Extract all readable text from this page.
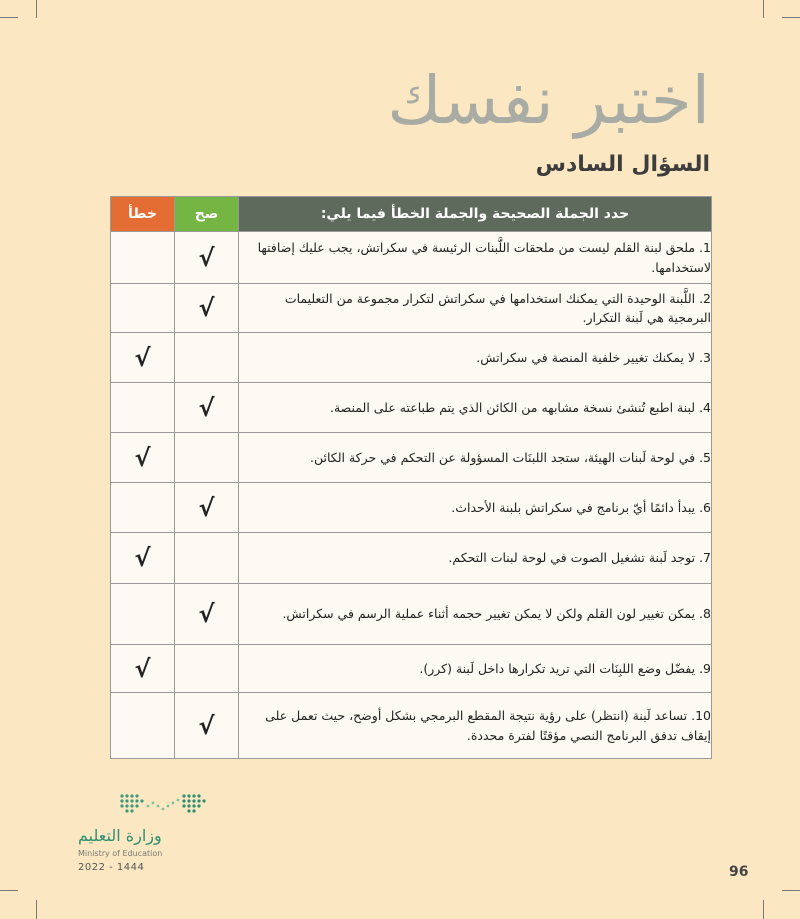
اختبر نفسك
السؤال السادس
حدد الجملة الصحيحة والجملة الخطأ فيما يلي:	صح	خطأ
1. ملحق لبنة القلم ليست من ملحقات اللَّبنات الرئيسة في سكراتش، يجب عليك إضافتها لاستخدامها.	√	
2. اللَّبنة الوحيدة التي يمكنك استخدامها في سكراتش لتكرار مجموعة من التعليمات البرمجية هي لَبنة التكرار.	√	
3. لا يمكنك تغيير خلفية المنصة في سكراتش.		√
4. لبنة اطبع تُنشئ نسخة مشابهه من الكائن الذي يتم طباعته على المنصة.	√	
5. في لوحة لَبنات الهيئة، ستجد اللبنَات المسؤولة عن التحكم في حركة الكائن.		√
6. يبدأ دائمًا أيّ برنامج في سكراتش بلبنة الأحداث.	√	
7. توجد لَبنة تشغيل الصوت في لوحة لبنات التحكم.		√
8. يمكن تغيير لون القلم ولكن لا يمكن تغيير حجمه أثناء عملية الرسم في سكراتش.	√	
9. يفضّل وضع اللبِنَات التي تريد تكرارها داخل لَبنة (كرر).		√
10. تساعد لَبنة (انتظر) على رؤية نتيجة المقطع البرمجي بشكل أوضح، حيث تعمل على إيقاف تدفق البرنامج النصي مؤقتًا لفترة محددة.	√	
وزارة التعليم
Ministry of Education
2022 - 1444	96
